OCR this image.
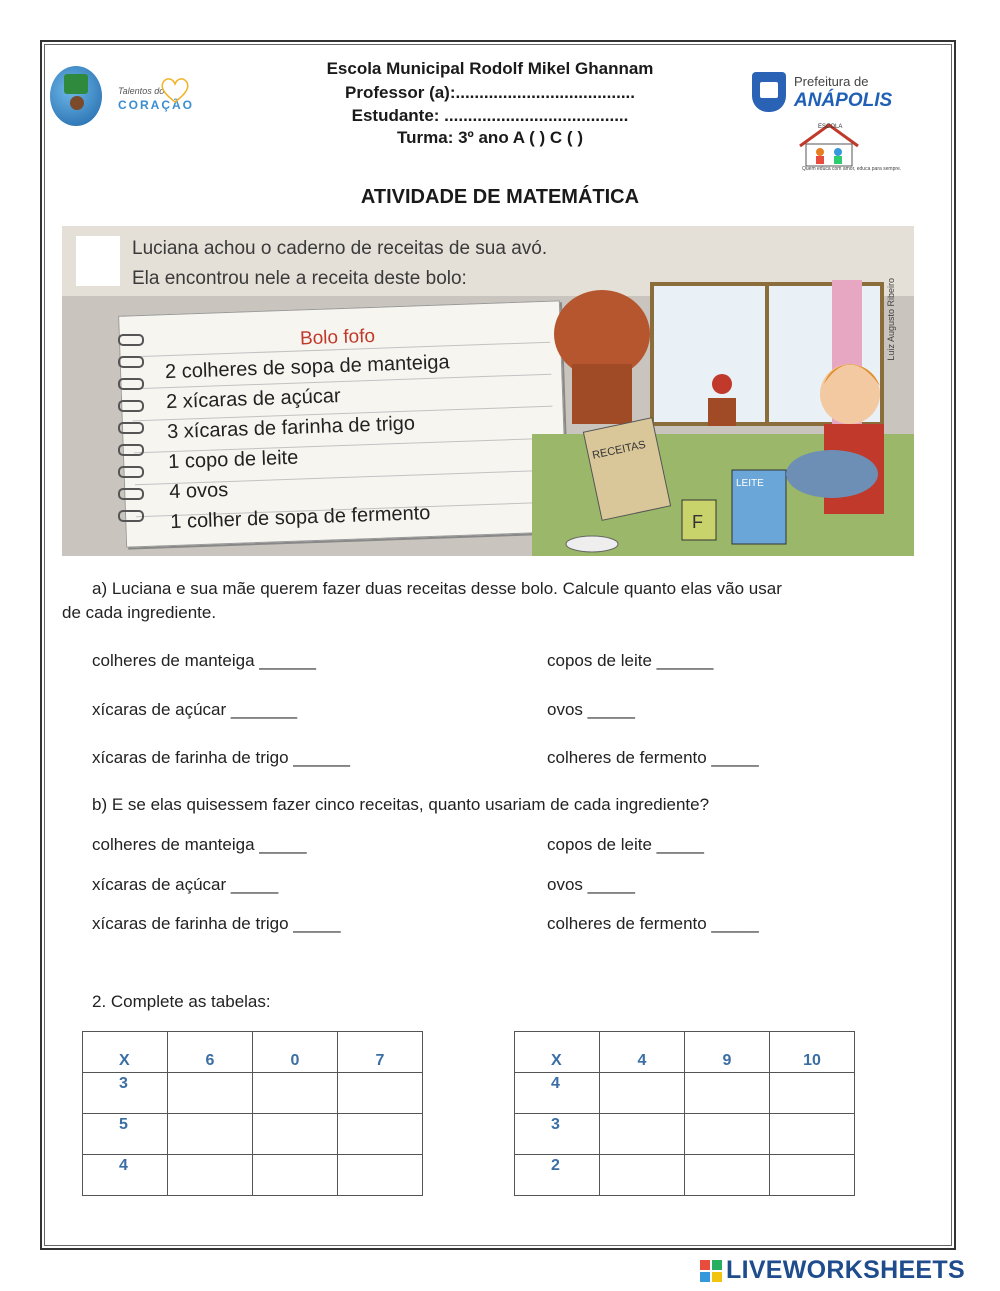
Talentos do
CORAÇÃO
Escola Municipal Rodolf Mikel Ghannam
Professor (a):......................................
Estudante: .......................................
Turma: 3º ano A ( ) C ( )
Prefeitura de
ANÁPOLIS
ESCOLA
Quem educa com amor, educa para sempre.
ATIVIDADE DE MATEMÁTICA
Luciana achou o caderno de receitas de sua avó.
Ela encontrou nele a receita deste bolo:	Luiz Augusto Ribeiro
Bolo fofo
2 colheres de sopa de manteiga
2 xícaras de açúcar
3 xícaras de farinha de trigo
1 copo de leite
4 ovos
1 colher de sopa de fermento
RECEITAS
LEITE
F
a) Luciana e sua mãe querem fazer duas receitas desse bolo. Calcule quanto elas vão usar
de cada ingrediente.
colheres de manteiga ______
xícaras de açúcar _______
xícaras de farinha de trigo ______
copos de leite ______
ovos _____
colheres de fermento _____
b) E se elas quisessem fazer cinco receitas, quanto usariam de cada ingrediente?
colheres de manteiga _____
xícaras de açúcar _____
xícaras de farinha de trigo _____
copos de leite _____
ovos _____
colheres de fermento _____
2. Complete as tabelas:
X	6	0	7
3			
5			
4			
X	4	9	10
4			
3			
2			
LIVEWORKSHEETS
